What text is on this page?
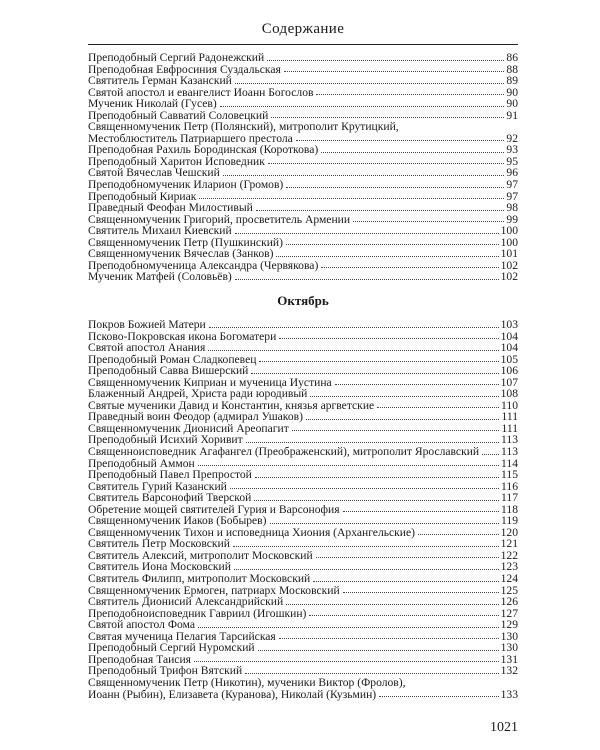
Содержание
Преподобный Сергий Радонежский	86
Преподобная Евфросиния Суздальская	88
Святитель Гермaн Казанский	89
Святой апостол и евангелист Иоанн Богослов	90
Мученик Николай (Гусев)	90
Преподобный Савватий Соловецкий	91
Священномученик Петр (Полянский), митрополит Крутицкий,
Местоблюститель Патриаршего престола	92
Преподобная Рахиль Бородинская (Короткова)	93
Преподобный Харитон Исповедник	95
Святой Вячеслав Чешский	96
Преподобномученик Иларион (Громов)	97
Преподобный Кириак	97
Праведный Феофан Милостивый	98
Священномученик Григорий, просветитель Армении	99
Святитель Михаил Киевский	100
Священномученик Петр (Пушкинский)	100
Священномученик Вячеслав (Занков)	101
Преподобномученица Александра (Червякова)	102
Мученик Матфей (Соловьёв)	102
Октябрь
Покров Божией Матери	103
Псково-Покровская икона Богоматери	104
Святой апостол Анания	104
Преподобный Роман Сладкопевец	105
Преподобный Савва Вишерский	106
Священномученик Киприан и мученица Иустина	107
Блаженный Андрей, Христа ради юродивый	108
Святые мученики Давид и Константин, князья аргветские	110
Праведный воин Феодор (адмирал Ушаков)	111
Священномученик Дионисий Ареопагит	111
Преподобный Исихий Хоривит	113
Священноисповедник Агафангел (Преображенский), митрополит Ярославский 113
Преподобный Аммон	114
Преподобный Павел Препростой	115
Святитель Гурий Казанский	116
Святитель Варсонофий Тверской	117
Обретение мощей святителей Гурия и Варсонофия	118
Священномученик Иаков (Бобырев)	119
Священномученик Тихон и исповедница Хиония (Архангельские)	120
Святитель Петр Московский	121
Святитель Алексий, митрополит Московский	122
Святитель Иона Московский	123
Святитель Филипп, митрополит Московский	124
Священномученик Ермоген, патриарх Московский	125
Святитель Дионисий Александрийский	126
Преподобноисповедник Гавриил (Игошкин)	127
Святой апостол Фома	129
Святая мученица Пелагия Тарсийская	130
Преподобный Сергий Нуромский	130
Преподобная Таисия	131
Преподобный Трифон Вятский	132
Священномученик Петр (Никотин), мученики Виктор (Фролов),
Иоанн (Рыбин), Елизавета (Куранова), Николай (Кузьмин)	133
1021
